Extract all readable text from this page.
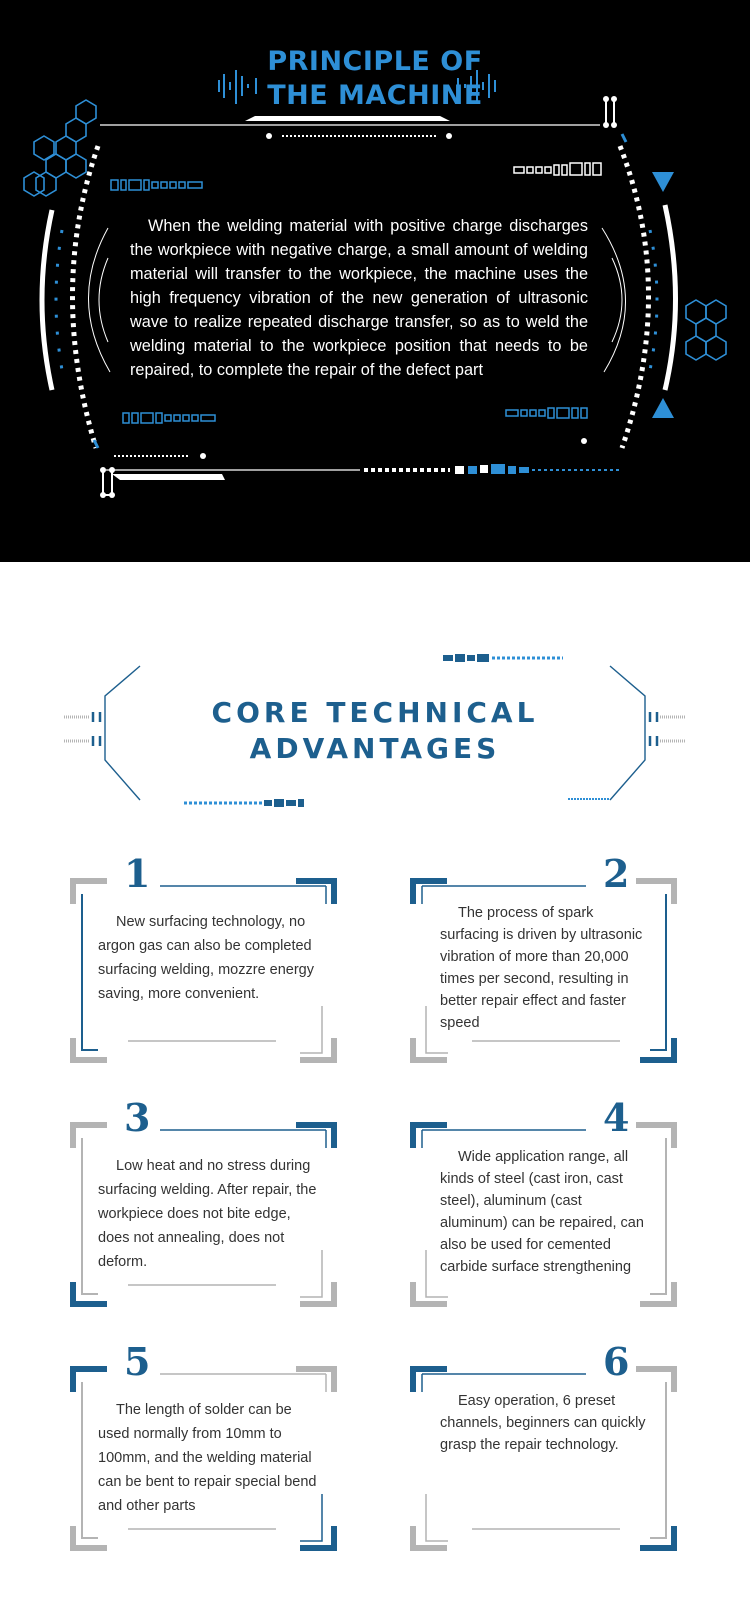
PRINCIPLE OF
THE MACHINE
When the welding material with positive charge discharges the workpiece with negative charge, a small amount of welding material will transfer to the workpiece, the machine uses the high frequency vibration of the new generation of ultrasonic wave to realize repeated discharge transfer, so as to weld the welding material to the workpiece position that needs to be repaired, to complete the repair of the defect part
CORE TECHNICAL
ADVANTAGES
1
New surfacing technology, no argon gas can also be completed surfacing welding, mozzre energy saving, more convenient.
2
The process of spark surfacing is driven by ultrasonic vibration of more than 20,000 times per second, resulting in better repair effect and faster speed
3
Low heat and no stress during surfacing welding. After repair, the workpiece does not bite edge, does not annealing, does not deform.
4
Wide application range, all kinds of steel (cast iron, cast steel), aluminum (cast aluminum) can be repaired, can also be used for cemented carbide surface strengthening
5
The length of solder can be used normally from 10mm to 100mm, and the welding material can be bent to repair special bend and other parts
6
Easy operation, 6 preset channels, beginners can quickly grasp the repair technology.
